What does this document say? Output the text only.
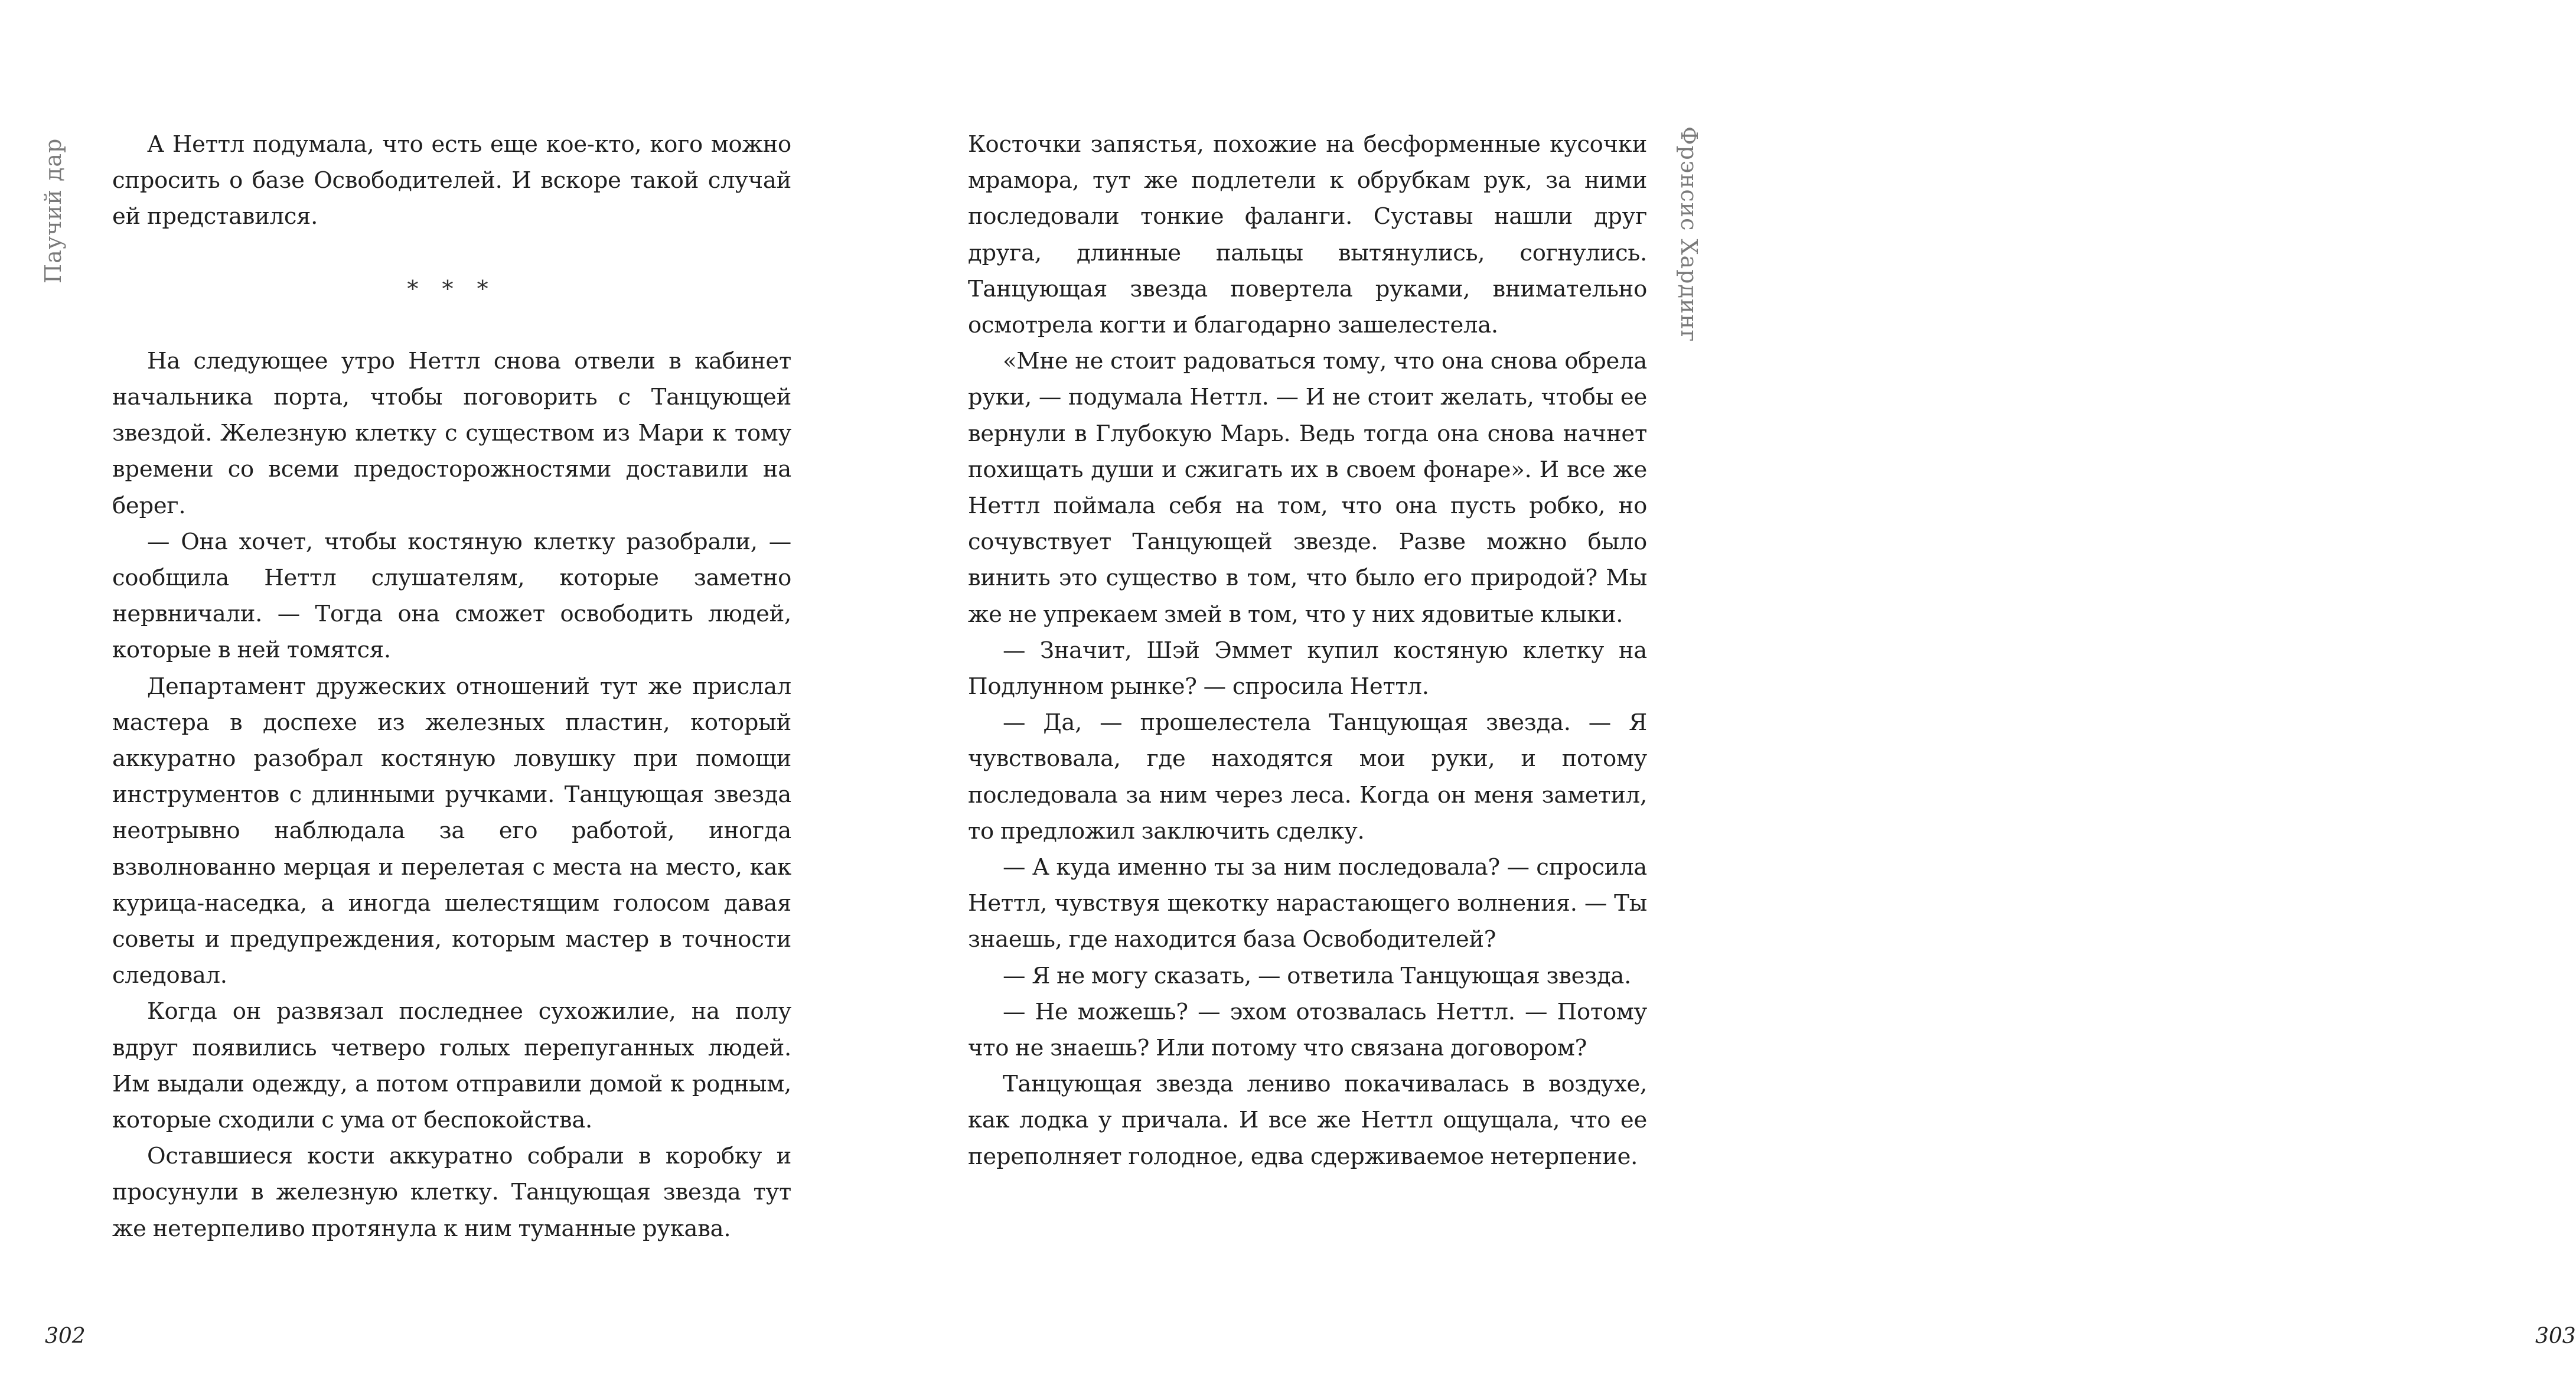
Паучий дар	А Неттл подумала, что есть еще кое-кто, кого можно спросить о базе Освободителей. И вскоре такой случай ей представился.

* * *

На следующее утро Неттл снова отвели в кабинет начальника порта, чтобы поговорить с Танцующей звездой. Железную клетку с существом из Мари к тому времени со всеми предосторожностями доставили на берег.

— Она хочет, чтобы костяную клетку разобрали, — сообщила Неттл слушателям, которые заметно нервничали. — Тогда она сможет освободить людей, которые в ней томятся.

Департамент дружеских отношений тут же прислал мастера в доспехе из железных пластин, который аккуратно разобрал костяную ловушку при помощи инструментов с длинными ручками. Танцующая звезда неотрывно наблюдала за его работой, иногда взволнованно мерцая и перелетая с места на место, как курица-наседка, а иногда шелестящим голосом давая советы и предупреждения, которым мастер в точности следовал.

Когда он развязал последнее сухожилие, на полу вдруг появились четверо голых перепуганных людей. Им выдали одежду, а потом отправили домой к родным, которые сходили с ума от беспокойства.

Оставшиеся кости аккуратно собрали в коробку и просунули в железную клетку. Танцующая звезда тут же нетерпеливо протянула к ним туманные рукава.

302

Косточки запястья, похожие на бесформенные кусочки мрамора, тут же подлетели к обрубкам рук, за ними последовали тонкие фаланги. Суставы нашли друг друга, длинные пальцы вытянулись, согнулись. Танцующая звезда повертела руками, внимательно осмотрела когти и благодарно зашелестела.

«Мне не стоит радоваться тому, что она снова обрела руки, — подумала Неттл. — И не стоит желать, чтобы ее вернули в Глубокую Марь. Ведь тогда она снова начнет похищать души и сжигать их в своем фонаре». И все же Неттл поймала себя на том, что она пусть робко, но сочувствует Танцующей звезде. Разве можно было винить это существо в том, что было его природой? Мы же не упрекаем змей в том, что у них ядовитые клыки.

— Значит, Шэй Эммет купил костяную клетку на Подлунном рынке? — спросила Неттл.

— Да, — прошелестела Танцующая звезда. — Я чувствовала, где находятся мои руки, и потому последовала за ним через леса. Когда он меня заметил, то предложил заключить сделку.

— А куда именно ты за ним последовала? — спросила Неттл, чувствуя щекотку нарастающего волнения. — Ты знаешь, где находится база Освободителей?

— Я не могу сказать, — ответила Танцующая звезда.

— Не можешь? — эхом отозвалась Неттл. — Потому что не знаешь? Или потому что связана договором?

Танцующая звезда лениво покачивалась в воздухе, как лодка у причала. И все же Неттл ощущала, что ее переполняет голодное, едва сдерживаемое нетерпение.

303
Фрэнсис Хардинг
